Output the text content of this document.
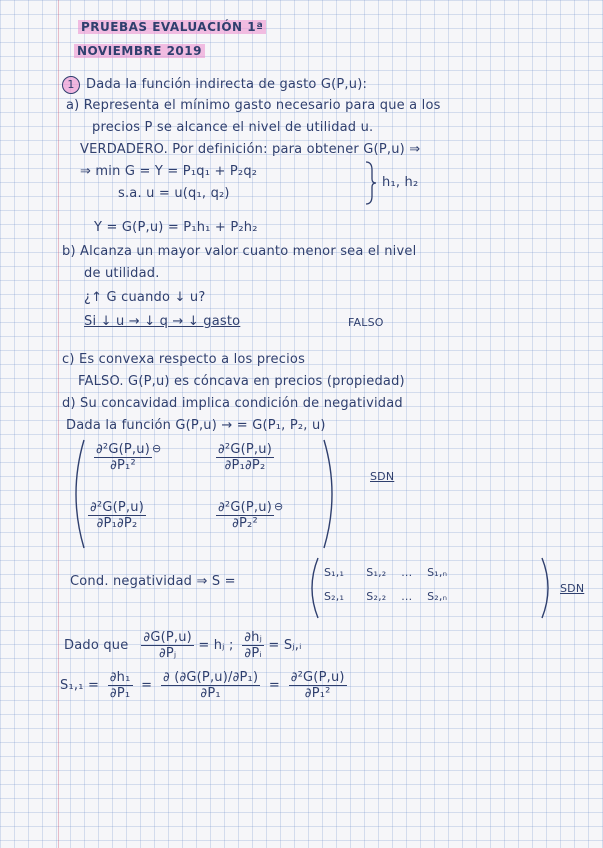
PRUEBAS EVALUACIÓN 1ª
NOVIEMBRE 2019
1 Dada la función indirecta de gasto G(P,u):
a) Representa el mínimo gasto necesario para que a los
precios P se alcance el nivel de utilidad u.
VERDADERO. Por definición: para obtener G(P,u) ⇒
⇒ min G = Y = P₁q₁ + P₂q₂
s.a. u = u(q₁, q₂)
h₁, h₂
Y = G(P,u) = P₁h₁ + P₂h₂
b) Alcanza un mayor valor cuanto menor sea el nivel
de utilidad.
¿↑ G cuando ↓ u?
Si ↓ u → ↓ q → ↓ gasto	FALSO
c) Es convexa respecto a los precios
FALSO. G(P,u) es cóncava en precios (propiedad)
d) Su concavidad implica condición de negatividad
Dada la función G(P,u) → = G(P₁, P₂, u)
$\frac{\text{∂²G(P,u)}}{\text{∂P₁²}} ^⊖$	$\frac{\text{∂²G(P,u)}}{\text{∂P₁∂P₂}}$
$\frac{\text{∂²G(P,u)}}{\text{∂P₁∂P₂}}$	$\frac{\text{∂²G(P,u)}}{\text{∂P₂²}} ^⊖$
SDN
Cond. negatividad ⇒ S =
S₁,₁ S₁,₂ ... S₁,ₙ
S₂,₁ S₂,₂ ... S₂,ₙ
SDN
Dado que $\frac{\partial G(P,u)}{\text{∂Pⱼ}}$ = hⱼ ; $\frac{\text{∂hⱼ}}{\text{∂Pᵢ}}$ = Sⱼ,ᵢ
$S_1,_1 = \frac{\text{∂h₁}}{\text{∂P₁}} = \frac{\text{∂ (∂G(P,u)/∂P₁)}}{\text{∂P₁}} = \frac{\text{∂²G(P,u)}}{\text{∂P₁²}}$
